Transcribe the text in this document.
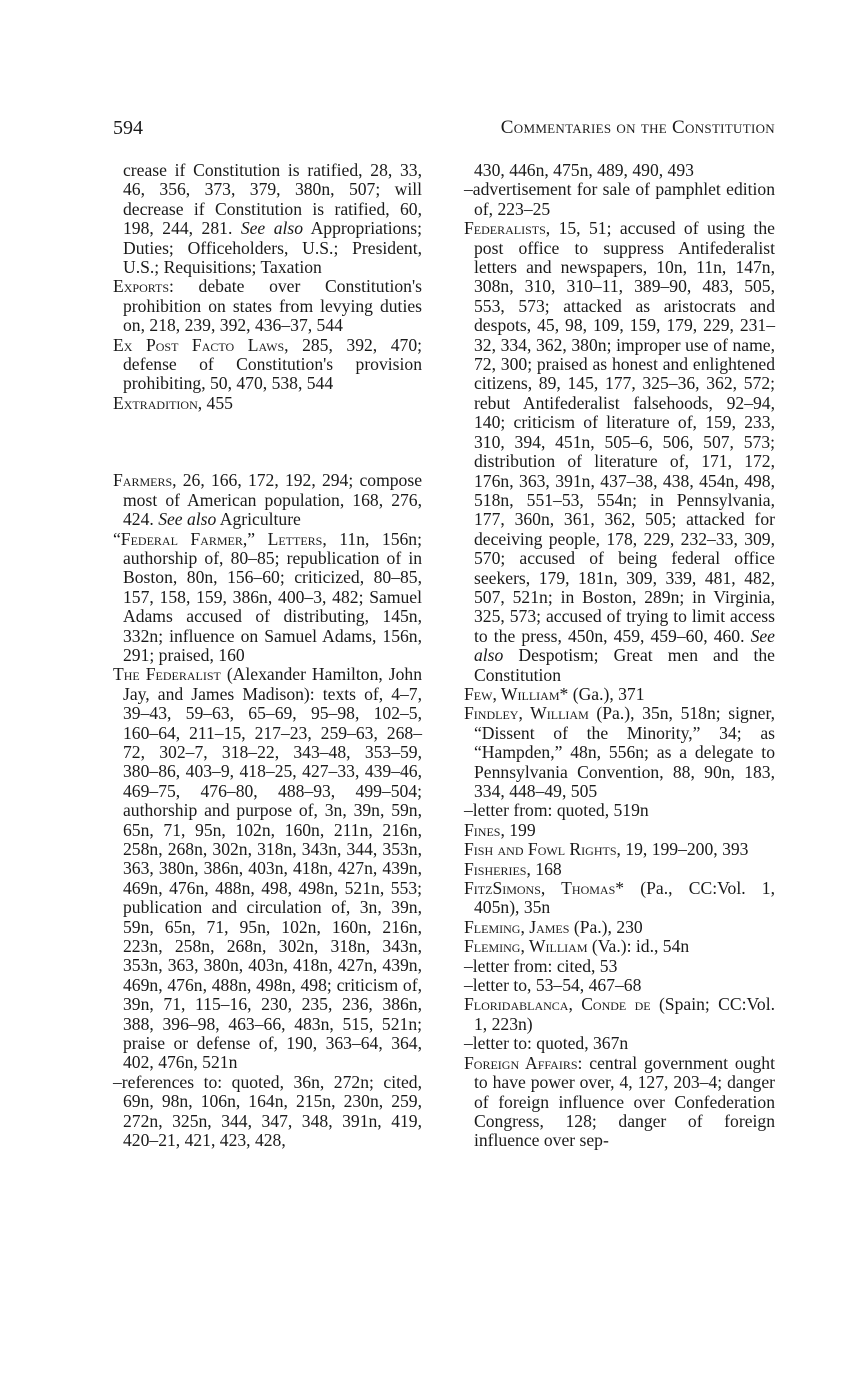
594	Commentaries on the Constitution

crease if Constitution is ratified, 28, 33, 46, 356, 373, 379, 380n, 507; will decrease if Constitution is ratified, 60, 198, 244, 281. See also Appropriations; Duties; Officeholders, U.S.; President, U.S.; Requisitions; Taxation

Exports: debate over Constitution's prohibition on states from levying duties on, 218, 239, 392, 436–37, 544

Ex Post Facto Laws, 285, 392, 470; defense of Constitution's provision prohibiting, 50, 470, 538, 544

Extradition, 455

Farmers, 26, 166, 172, 192, 294; compose most of American population, 168, 276, 424. See also Agriculture

“Federal Farmer,” Letters, 11n, 156n; authorship of, 80–85; republication of in Boston, 80n, 156–60; criticized, 80–85, 157, 158, 159, 386n, 400–3, 482; Samuel Adams accused of distributing, 145n, 332n; influence on Samuel Adams, 156n, 291; praised, 160

The Federalist (Alexander Hamilton, John Jay, and James Madison): texts of, 4–7, 39–43, 59–63, 65–69, 95–98, 102–5, 160–64, 211–15, 217–23, 259–63, 268–72, 302–7, 318–22, 343–48, 353–59, 380–86, 403–9, 418–25, 427–33, 439–46, 469–75, 476–80, 488–93, 499–504; authorship and purpose of, 3n, 39n, 59n, 65n, 71, 95n, 102n, 160n, 211n, 216n, 258n, 268n, 302n, 318n, 343n, 344, 353n, 363, 380n, 386n, 403n, 418n, 427n, 439n, 469n, 476n, 488n, 498, 498n, 521n, 553; publication and circulation of, 3n, 39n, 59n, 65n, 71, 95n, 102n, 160n, 216n, 223n, 258n, 268n, 302n, 318n, 343n, 353n, 363, 380n, 403n, 418n, 427n, 439n, 469n, 476n, 488n, 498n, 498; criticism of, 39n, 71, 115–16, 230, 235, 236, 386n, 388, 396–98, 463–66, 483n, 515, 521n; praise or defense of, 190, 363–64, 364, 402, 476n, 521n

–references to: quoted, 36n, 272n; cited, 69n, 98n, 106n, 164n, 215n, 230n, 259, 272n, 325n, 344, 347, 348, 391n, 419, 420–21, 421, 423, 428,

430, 446n, 475n, 489, 490, 493

–advertisement for sale of pamphlet edition of, 223–25

Federalists, 15, 51; accused of using the post office to suppress Antifederalist letters and newspapers, 10n, 11n, 147n, 308n, 310, 310–11, 389–90, 483, 505, 553, 573; attacked as aristocrats and despots, 45, 98, 109, 159, 179, 229, 231–32, 334, 362, 380n; improper use of name, 72, 300; praised as honest and enlightened citizens, 89, 145, 177, 325–36, 362, 572; rebut Antifederalist falsehoods, 92–94, 140; criticism of literature of, 159, 233, 310, 394, 451n, 505–6, 506, 507, 573; distribution of literature of, 171, 172, 176n, 363, 391n, 437–38, 438, 454n, 498, 518n, 551–53, 554n; in Pennsylvania, 177, 360n, 361, 362, 505; attacked for deceiving people, 178, 229, 232–33, 309, 570; accused of being federal office seekers, 179, 181n, 309, 339, 481, 482, 507, 521n; in Boston, 289n; in Virginia, 325, 573; accused of trying to limit access to the press, 450n, 459, 459–60, 460. See also Despotism; Great men and the Constitution

Few, William* (Ga.), 371

Findley, William (Pa.), 35n, 518n; signer, “Dissent of the Minority,” 34; as “Hampden,” 48n, 556n; as a delegate to Pennsylvania Convention, 88, 90n, 183, 334, 448–49, 505

–letter from: quoted, 519n

Fines, 199

Fish and Fowl Rights, 19, 199–200, 393

Fisheries, 168

FitzSimons, Thomas* (Pa., CC:Vol. 1, 405n), 35n

Fleming, James (Pa.), 230

Fleming, William (Va.): id., 54n

–letter from: cited, 53

–letter to, 53–54, 467–68

Floridablanca, Conde de (Spain; CC:Vol. 1, 223n)

–letter to: quoted, 367n

Foreign Affairs: central government ought to have power over, 4, 127, 203–4; danger of foreign influence over Confederation Congress, 128; danger of foreign influence over sep-
